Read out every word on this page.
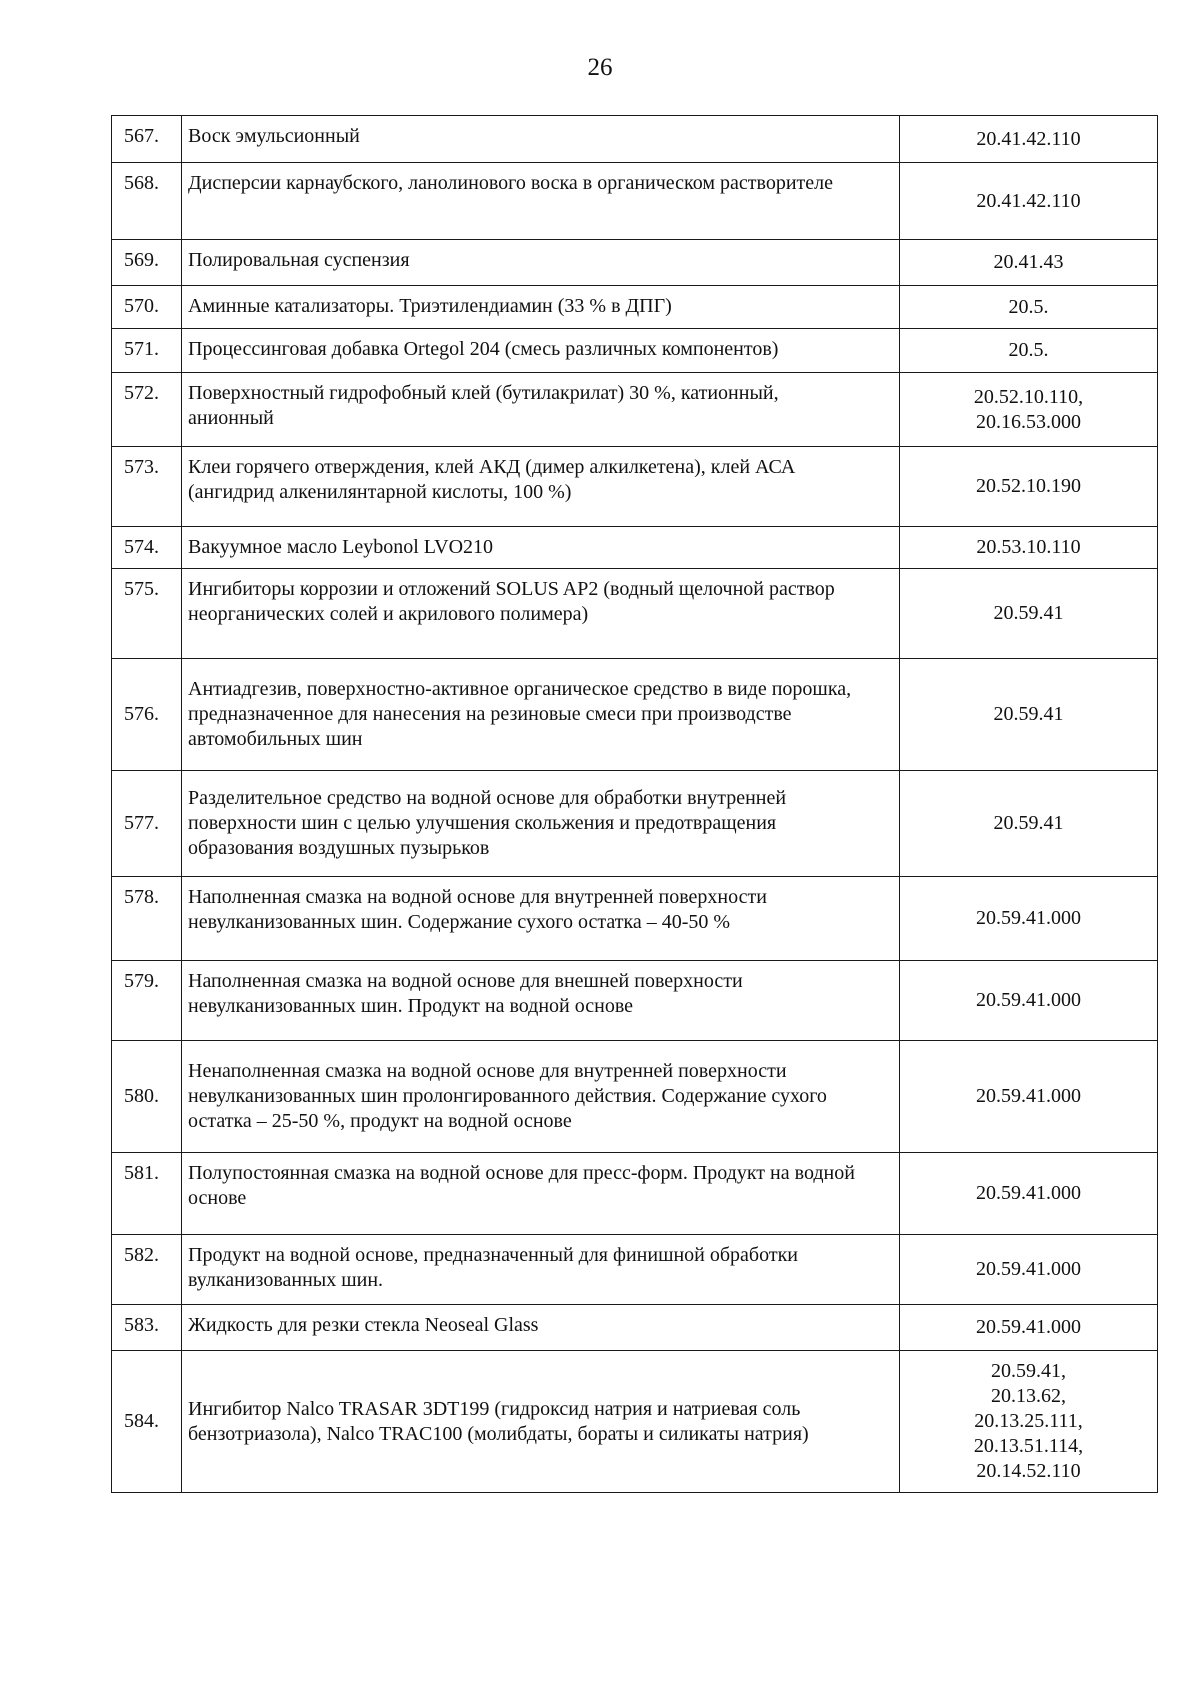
26
567.	Воск эмульсионный	20.41.42.110

568.	Дисперсии карнаубского, ланолинового воска в органическом растворителе	20.41.42.110

569.	Полировальная суспензия	20.41.43

570.	Аминные катализаторы. Триэтилендиамин (33 % в ДПГ)	20.5.

571.	Процессинговая добавка Ortegol 204 (смесь различных компонентов)	20.5.

572.	Поверхностный гидрофобный клей (бутилакрилат) 30 %, катионный, анионный	20.52.10.110,
20.16.53.000

573.	Клеи горячего отверждения, клей АКД (димер алкилкетена), клей АСА (ангидрид алкенилянтарной кислоты, 100 %)	20.52.10.190

574.	Вакуумное масло Leybonol LVO210	20.53.10.110

575.	Ингибиторы коррозии и отложений SOLUS AP2 (водный щелочной раствор неорганических солей и акрилового полимера)	20.59.41

576.	Антиадгезив, поверхностно-активное органическое средство в виде порошка, предназначенное для нанесения на резиновые смеси при производстве автомобильных шин	20.59.41

577.	Разделительное средство на водной основе для обработки внутренней поверхности шин с целью улучшения скольжения и предотвращения образования воздушных пузырьков	20.59.41

578.	Наполненная смазка на водной основе для внутренней поверхности невулканизованных шин. Содержание сухого остатка – 40-50 %	20.59.41.000

579.	Наполненная смазка на водной основе для внешней поверхности невулканизованных шин. Продукт на водной основе	20.59.41.000

580.	Ненаполненная смазка на водной основе для внутренней поверхности невулканизованных шин пролонгированного действия. Содержание сухого остатка – 25-50 %, продукт на водной основе	20.59.41.000

581.	Полупостоянная смазка на водной основе для пресс-форм. Продукт на водной основе	20.59.41.000

582.	Продукт на водной основе, предназначенный для финишной обработки вулканизованных шин.	20.59.41.000

583.	Жидкость для резки стекла Neoseal Glass	20.59.41.000

584.	Ингибитор Nalco TRASAR 3DT199 (гидроксид натрия и натриевая соль бензотриазола), Nalco TRAC100 (молибдаты, бораты и силикаты натрия)	20.59.41,
20.13.62,
20.13.25.111,
20.13.51.114,
20.14.52.110
